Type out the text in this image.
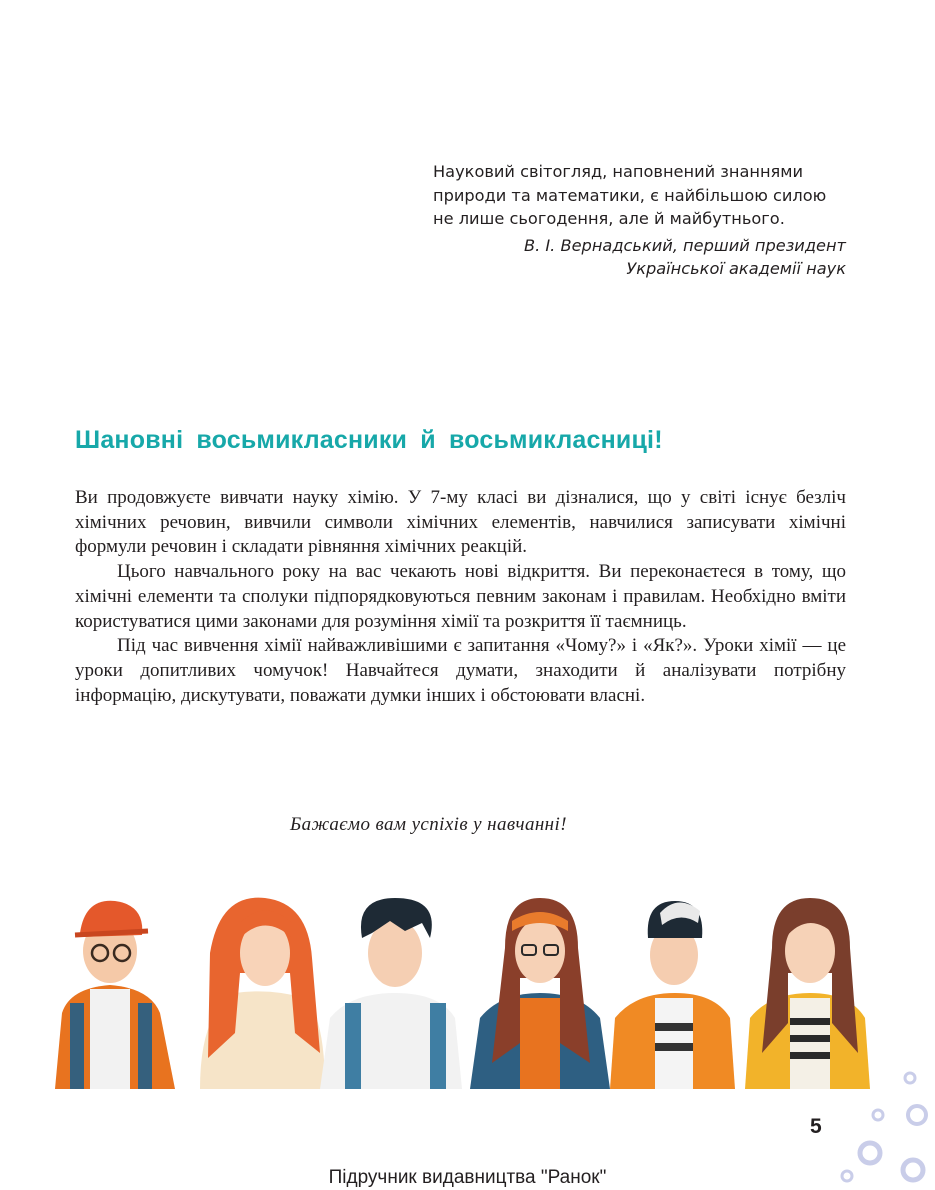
Науковий світогляд, наповнений знаннями
природи та математики, є найбільшою силою
не лише сьогодення, але й майбутнього.
В. І. Вернадський, перший президент
Української академії наук
Шановні восьмикласники й восьмикласниці!

Ви продовжуєте вивчати науку хімію. У 7-му класі ви дізналися, що у світі існує безліч хімічних речовин, вивчили символи хімічних елементів, навчилися записувати хімічні формули речовин і складати рівняння хімічних реакцій.

Цього навчального року на вас чекають нові відкриття. Ви переконаєтеся в тому, що хімічні елементи та сполуки підпорядковуються певним законам і правилам. Необхідно вміти користуватися цими законами для розуміння хімії та розкриття її таємниць.

Під час вивчення хімії найважливішими є запитання «Чому?» і «Як?». Уроки хімії — це уроки допитливих чомучок! Навчайтеся думати, знаходити й аналізувати потрібну інформацію, дискутувати, поважати думки інших і обстоювати власні.

Бажаємо вам успіхів у навчанні!
5
Підручник видавництва "Ранок"
